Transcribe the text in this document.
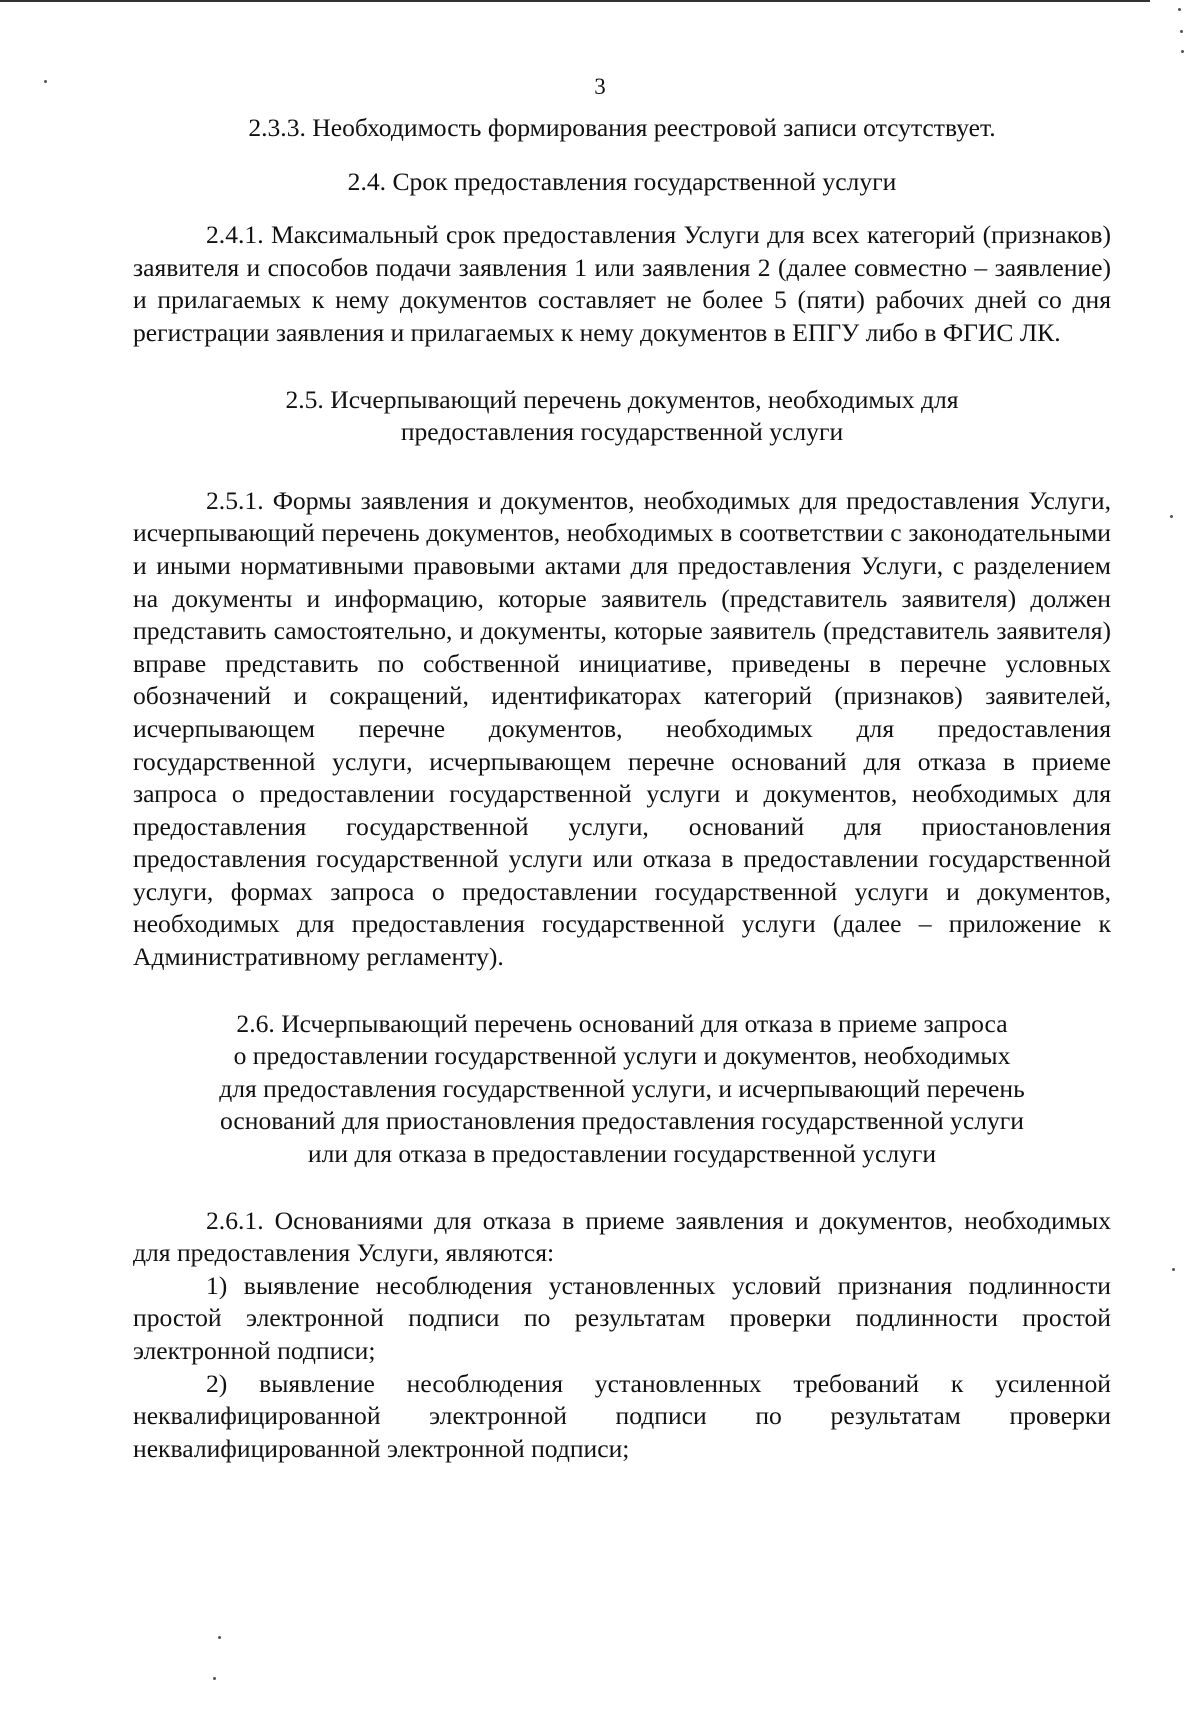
3

2.3.3. Необходимость формирования реестровой записи отсутствует.

2.4. Срок предоставления государственной услуги

2.4.1. Максимальный срок предоставления Услуги для всех категорий (признаков) заявителя и способов подачи заявления 1 или заявления 2 (далее совместно – заявление) и прилагаемых к нему документов составляет не более 5 (пяти) рабочих дней со дня регистрации заявления и прилагаемых к нему документов в ЕПГУ либо в ФГИС ЛК.

2.5. Исчерпывающий перечень документов, необходимых для

предоставления государственной услуги

2.5.1. Формы заявления и документов, необходимых для предоставления Услуги, исчерпывающий перечень документов, необходимых в соответствии с законодательными и иными нормативными правовыми актами для предоставления Услуги, с разделением на документы и информацию, которые заявитель (представитель заявителя) должен представить самостоятельно, и документы, которые заявитель (представитель заявителя) вправе представить по собственной инициативе, приведены в перечне условных обозначений и сокращений, идентификаторах категорий (признаков) заявителей, исчерпывающем перечне документов, необходимых для предоставления государственной услуги, исчерпывающем перечне оснований для отказа в приеме запроса о предоставлении государственной услуги и документов, необходимых для предоставления государственной услуги, оснований для приостановления предоставления государственной услуги или отказа в предоставлении государственной услуги, формах запроса о предоставлении государственной услуги и документов, необходимых для предоставления государственной услуги (далее – приложение к Административному регламенту).

2.6. Исчерпывающий перечень оснований для отказа в приеме запроса

о предоставлении государственной услуги и документов, необходимых

для предоставления государственной услуги, и исчерпывающий перечень

оснований для приостановления предоставления государственной услуги

или для отказа в предоставлении государственной услуги

2.6.1. Основаниями для отказа в приеме заявления и документов, необходимых для предоставления Услуги, являются:

1) выявление несоблюдения установленных условий признания подлинности простой электронной подписи по результатам проверки подлинности простой электронной подписи;

2) выявление несоблюдения установленных требований к усиленной неквалифицированной электронной подписи по результатам проверки неквалифицированной электронной подписи;
